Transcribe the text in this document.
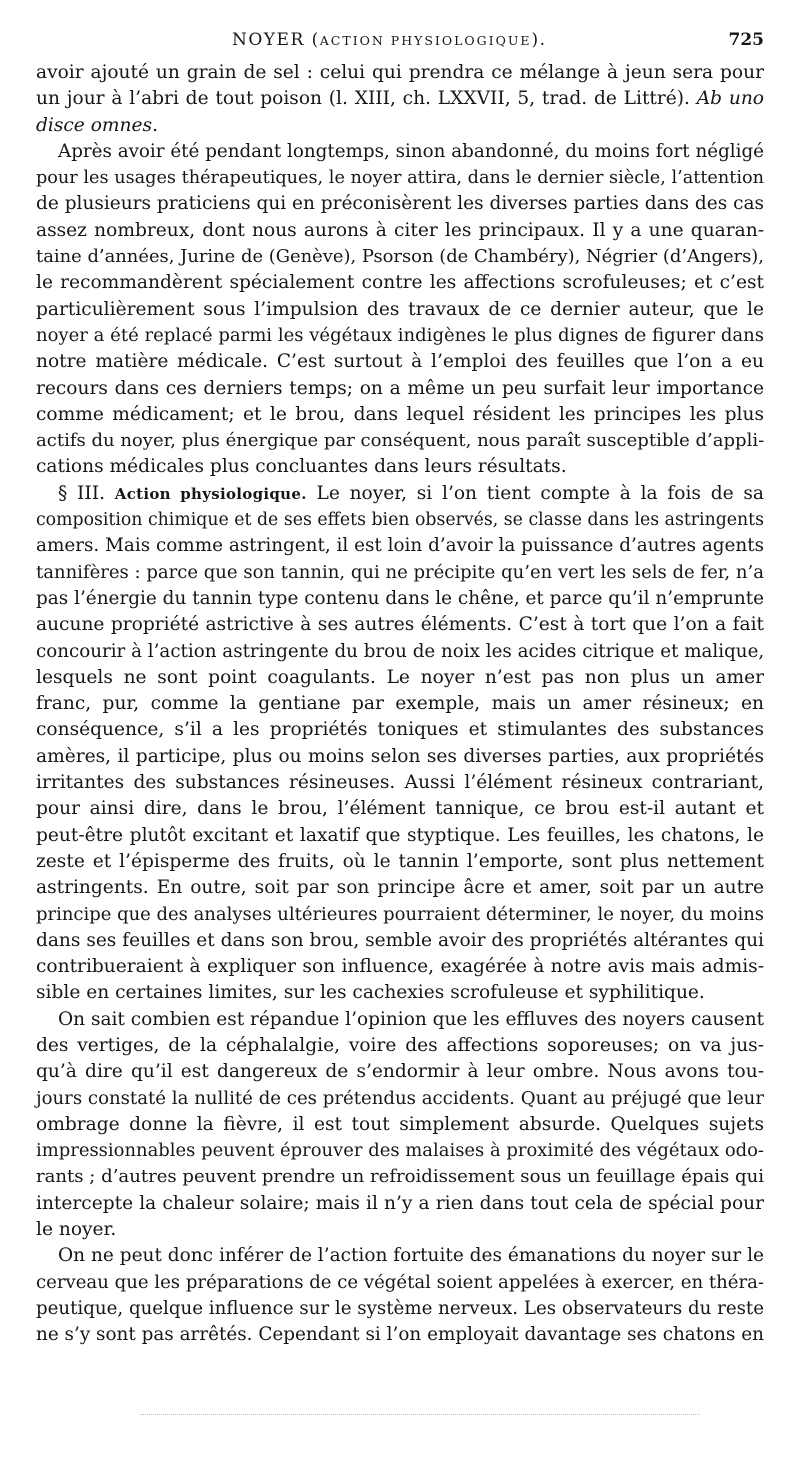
NOYER (ACTION PHYSIOLOGIQUE).	725
avoir ajouté un grain de sel : celui qui prendra ce mélange à jeun sera pour
un jour à l’abri de tout poison (l. XIII, ch. LXXVII, 5, trad. de Littré). Ab uno
disce omnes.
Après avoir été pendant longtemps, sinon abandonné, du moins fort négligé
pour les usages thérapeutiques, le noyer attira, dans le dernier siècle, l’attention
de plusieurs praticiens qui en préconisèrent les diverses parties dans des cas
assez nombreux, dont nous aurons à citer les principaux. Il y a une quaran-
taine d’années, Jurine de (Genève), Psorson (de Chambéry), Négrier (d’Angers),
le recommandèrent spécialement contre les affections scrofuleuses; et c’est
particulièrement sous l’impulsion des travaux de ce dernier auteur, que le
noyer a été replacé parmi les végétaux indigènes le plus dignes de figurer dans
notre matière médicale. C’est surtout à l’emploi des feuilles que l’on a eu
recours dans ces derniers temps; on a même un peu surfait leur importance
comme médicament; et le brou, dans lequel résident les principes les plus
actifs du noyer, plus énergique par conséquent, nous paraît susceptible d’appli-
cations médicales plus concluantes dans leurs résultats.
§ III. Action physiologique. Le noyer, si l’on tient compte à la fois de sa
composition chimique et de ses effets bien observés, se classe dans les astringents
amers. Mais comme astringent, il est loin d’avoir la puissance d’autres agents
tannifères : parce que son tannin, qui ne précipite qu’en vert les sels de fer, n’a
pas l’énergie du tannin type contenu dans le chêne, et parce qu’il n’emprunte
aucune propriété astrictive à ses autres éléments. C’est à tort que l’on a fait
concourir à l’action astringente du brou de noix les acides citrique et malique,
lesquels ne sont point coagulants. Le noyer n’est pas non plus un amer
franc, pur, comme la gentiane par exemple, mais un amer résineux; en
conséquence, s’il a les propriétés toniques et stimulantes des substances
amères, il participe, plus ou moins selon ses diverses parties, aux propriétés
irritantes des substances résineuses. Aussi l’élément résineux contrariant,
pour ainsi dire, dans le brou, l’élément tannique, ce brou est-il autant et
peut-être plutôt excitant et laxatif que styptique. Les feuilles, les chatons, le
zeste et l’épisperme des fruits, où le tannin l’emporte, sont plus nettement
astringents. En outre, soit par son principe âcre et amer, soit par un autre
principe que des analyses ultérieures pourraient déterminer, le noyer, du moins
dans ses feuilles et dans son brou, semble avoir des propriétés altérantes qui
contribueraient à expliquer son influence, exagérée à notre avis mais admis-
sible en certaines limites, sur les cachexies scrofuleuse et syphilitique.
On sait combien est répandue l’opinion que les effluves des noyers causent
des vertiges, de la céphalalgie, voire des affections soporeuses; on va jus-
qu’à dire qu’il est dangereux de s’endormir à leur ombre. Nous avons tou-
jours constaté la nullité de ces prétendus accidents. Quant au préjugé que leur
ombrage donne la fièvre, il est tout simplement absurde. Quelques sujets
impressionnables peuvent éprouver des malaises à proximité des végétaux odo-
rants ; d’autres peuvent prendre un refroidissement sous un feuillage épais qui
intercepte la chaleur solaire; mais il n’y a rien dans tout cela de spécial pour
le noyer.
On ne peut donc inférer de l’action fortuite des émanations du noyer sur le
cerveau que les préparations de ce végétal soient appelées à exercer, en théra-
peutique, quelque influence sur le système nerveux. Les observateurs du reste
ne s’y sont pas arrêtés. Cependant si l’on employait davantage ses chatons en
